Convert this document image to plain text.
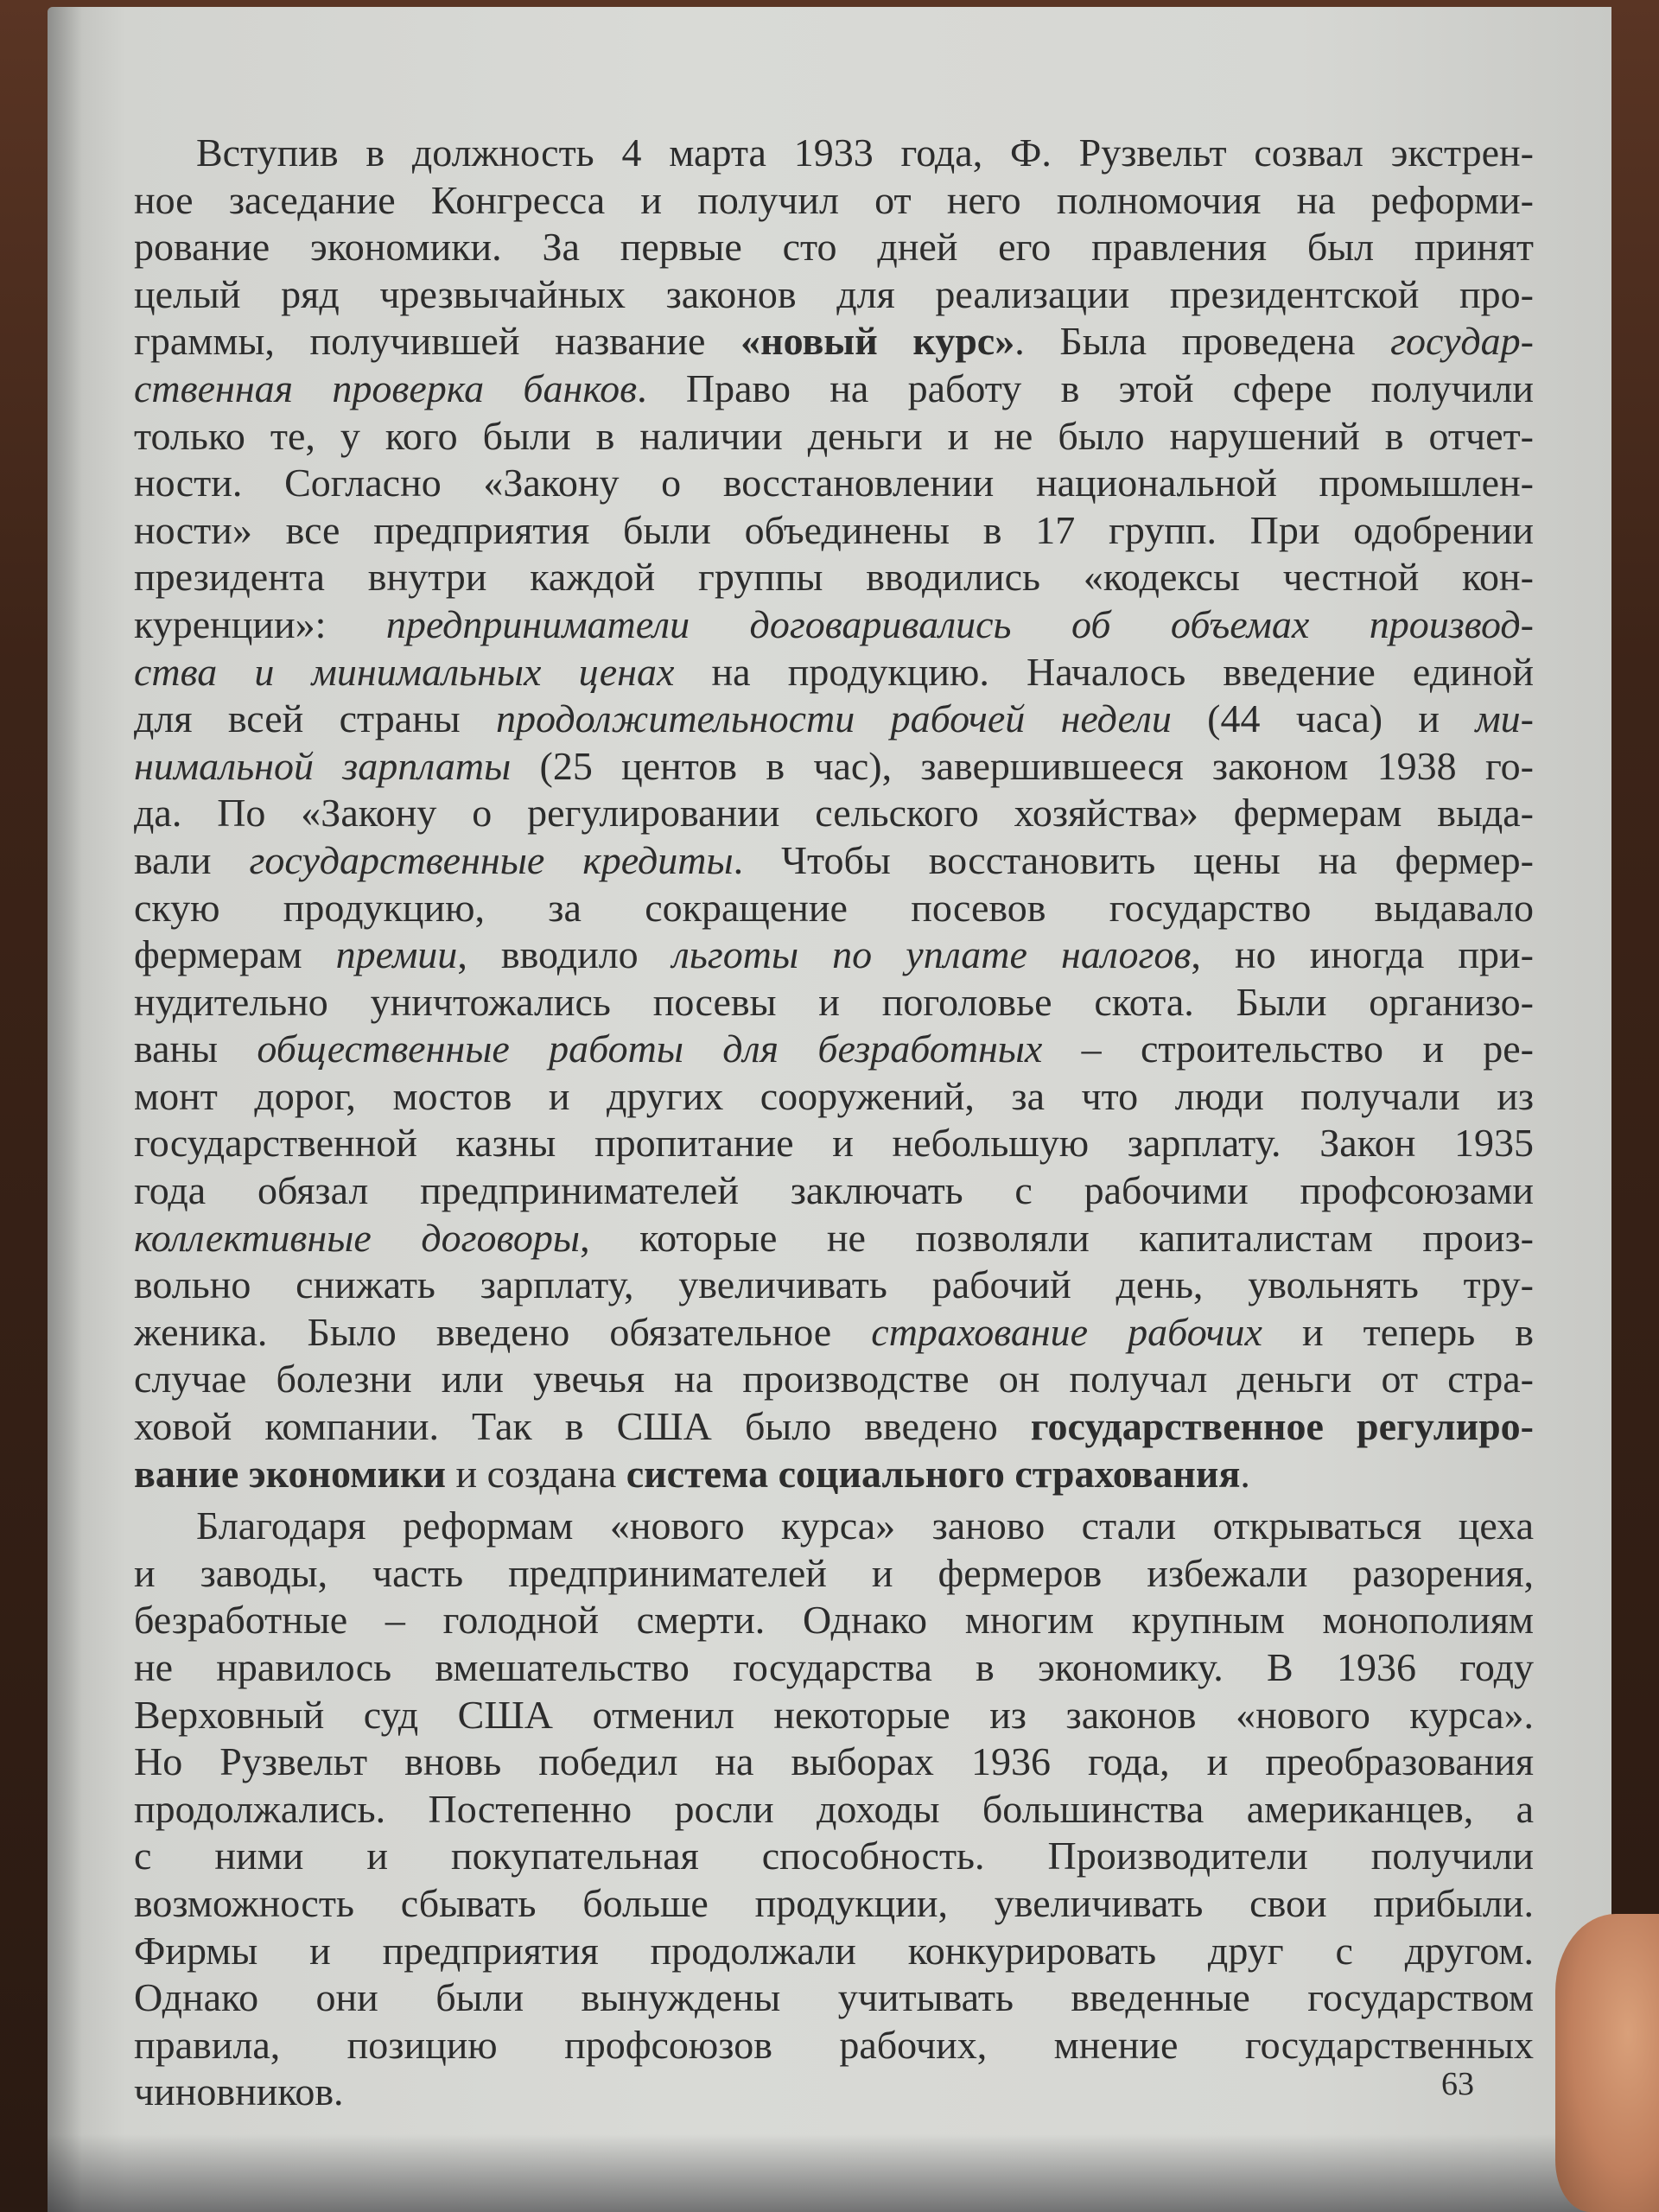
Вступив в должность 4 марта 1933 года, Ф. Рузвельт созвал экстрен-
ное заседание Конгресса и получил от него полномочия на реформи-
рование экономики. За первые сто дней его правления был принят
целый ряд чрезвычайных законов для реализации президентской про-
граммы, получившей название «новый курс». Была проведена государ-
ственная проверка банков. Право на работу в этой сфере получили
только те, у кого были в наличии деньги и не было нарушений в отчет-
ности. Согласно «Закону о восстановлении национальной промышлен-
ности» все предприятия были объединены в 17 групп. При одобрении
президента внутри каждой группы вводились «кодексы честной кон-
куренции»: предприниматели договаривались об объемах производ-
ства и минимальных ценах на продукцию. Началось введение единой
для всей страны продолжительности рабочей недели (44 часа) и ми-
нимальной зарплаты (25 центов в час), завершившееся законом 1938 го-
да. По «Закону о регулировании сельского хозяйства» фермерам выда-
вали государственные кредиты. Чтобы восстановить цены на фермер-
скую продукцию, за сокращение посевов государство выдавало
фермерам премии, вводило льготы по уплате налогов, но иногда при-
нудительно уничтожались посевы и поголовье скота. Были организо-
ваны общественные работы для безработных – строительство и ре-
монт дорог, мостов и других сооружений, за что люди получали из
государственной казны пропитание и небольшую зарплату. Закон 1935
года обязал предпринимателей заключать с рабочими профсоюзами
коллективные договоры, которые не позволяли капиталистам произ-
вольно снижать зарплату, увеличивать рабочий день, увольнять тру-
женика. Было введено обязательное страхование рабочих и теперь в
случае болезни или увечья на производстве он получал деньги от стра-
ховой компании. Так в США было введено государственное регулиро-
вание экономики и создана система социального страхования.
Благодаря реформам «нового курса» заново стали открываться цеха
и заводы, часть предпринимателей и фермеров избежали разорения,
безработные – голодной смерти. Однако многим крупным монополиям
не нравилось вмешательство государства в экономику. В 1936 году
Верховный суд США отменил некоторые из законов «нового курса».
Но Рузвельт вновь победил на выборах 1936 года, и преобразования
продолжались. Постепенно росли доходы большинства американцев, а
с ними и покупательная способность. Производители получили
возможность сбывать больше продукции, увеличивать свои прибыли.
Фирмы и предприятия продолжали конкурировать друг с другом.
Однако они были вынуждены учитывать введенные государством
правила, позицию профсоюзов рабочих, мнение государственных
чиновников.	63
